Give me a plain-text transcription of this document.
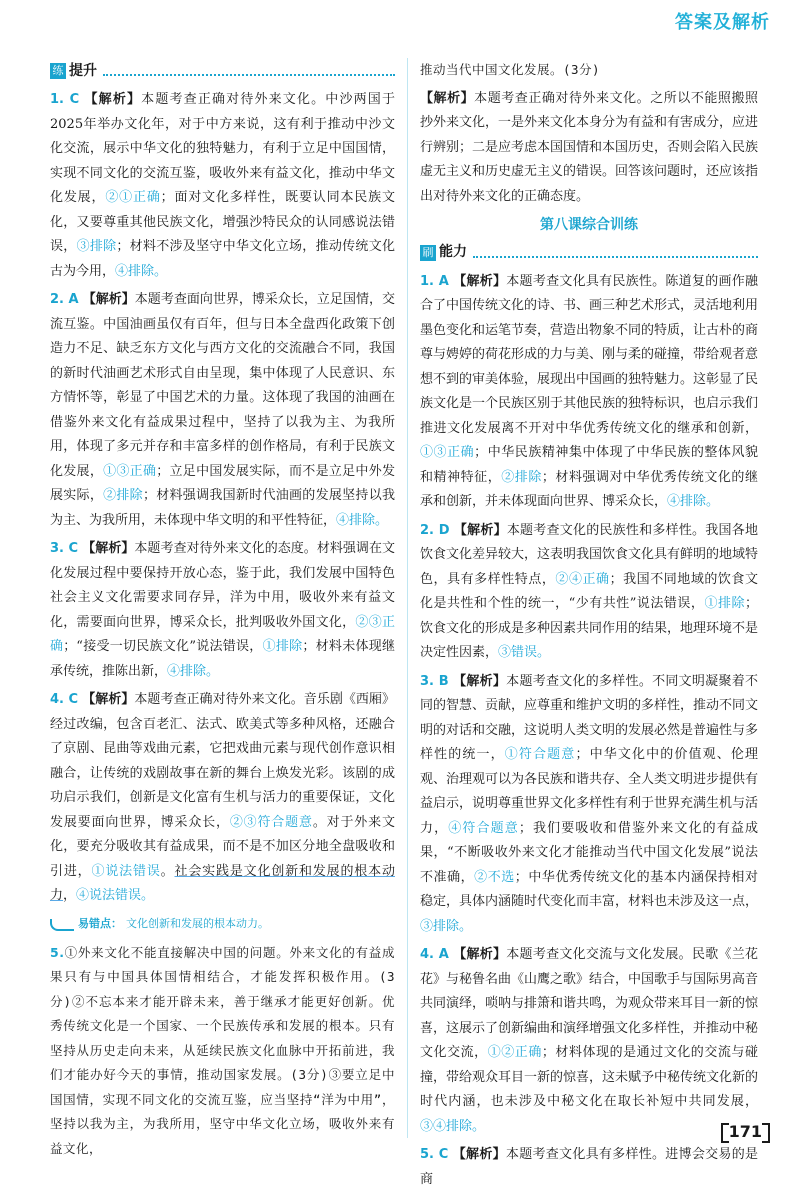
答案及解析
练 提升

1. C 【解析】本题考查正确对待外来文化。中沙两国于2025年举办文化年，对于中方来说，这有利于推动中沙文化交流，展示中华文化的独特魅力，有利于立足中国国情，实现不同文化的交流互鉴，吸收外来有益文化，推动中华文化发展，②①正确；面对文化多样性，既要认同本民族文化，又要尊重其他民族文化，增强沙特民众的认同感说法错误，③排除；材料不涉及坚守中华文化立场，推动传统文化古为今用，④排除。

2. A 【解析】本题考查面向世界，博采众长，立足国情，交流互鉴。中国油画虽仅有百年，但与日本全盘西化政策下创造力不足、缺乏东方文化与西方文化的交流融合不同，我国的新时代油画艺术形式自由呈现，集中体现了人民意识、东方情怀等，彰显了中国艺术的力量。这体现了我国的油画在借鉴外来文化有益成果过程中，坚持了以我为主、为我所用，体现了多元并存和丰富多样的创作格局，有利于民族文化发展，①③正确；立足中国发展实际，而不是立足中外发展实际，②排除；材料强调我国新时代油画的发展坚持以我为主、为我所用，未体现中华文明的和平性特征，④排除。

3. C 【解析】本题考查对待外来文化的态度。材料强调在文化发展过程中要保持开放心态，鉴于此，我们发展中国特色社会主义文化需要求同存异，洋为中用，吸收外来有益文化，需要面向世界，博采众长，批判吸收外国文化，②③正确；“接受一切民族文化”说法错误，①排除；材料未体现继承传统，推陈出新，④排除。

4. C 【解析】本题考查正确对待外来文化。音乐剧《西厢》经过改编，包含百老汇、法式、欧美式等多种风格，还融合了京剧、昆曲等戏曲元素，它把戏曲元素与现代创作意识相融合，让传统的戏剧故事在新的舞台上焕发光彩。该剧的成功启示我们，创新是文化富有生机与活力的重要保证，文化发展要面向世界，博采众长，②③符合题意。对于外来文化，要充分吸收其有益成果，而不是不加区分地全盘吸收和引进，①说法错误。社会实践是文化创新和发展的根本动力，④说法错误。

易错点： 文化创新和发展的根本动力。

5.①外来文化不能直接解决中国的问题。外来文化的有益成果只有与中国具体国情相结合，才能发挥积极作用。(3分)②不忘本来才能开辟未来，善于继承才能更好创新。优秀传统文化是一个国家、一个民族传承和发展的根本。只有坚持从历史走向未来，从延续民族文化血脉中开拓前进，我们才能办好今天的事情，推动国家发展。(3分)③要立足中国国情，实现不同文化的交流互鉴，应当坚持“洋为中用”，坚持以我为主，为我所用，坚守中华文化立场，吸收外来有益文化，

推动当代中国文化发展。(3分)

【解析】本题考查正确对待外来文化。之所以不能照搬照抄外来文化，一是外来文化本身分为有益和有害成分，应进行辨别；二是应考虑本国国情和本国历史，否则会陷入民族虚无主义和历史虚无主义的错误。回答该问题时，还应该指出对待外来文化的正确态度。

第八课综合训练
刷 能力

1. A 【解析】本题考查文化具有民族性。陈道复的画作融合了中国传统文化的诗、书、画三种艺术形式，灵活地利用墨色变化和运笔节奏，营造出物象不同的特质，让古朴的商尊与娉婷的荷花形成的力与美、刚与柔的碰撞，带给观者意想不到的审美体验，展现出中国画的独特魅力。这彰显了民族文化是一个民族区别于其他民族的独特标识，也启示我们推进文化发展离不开对中华优秀传统文化的继承和创新，①③正确；中华民族精神集中体现了中华民族的整体风貌和精神特征，②排除；材料强调对中华优秀传统文化的继承和创新，并未体现面向世界、博采众长，④排除。

2. D 【解析】本题考查文化的民族性和多样性。我国各地饮食文化差异较大，这表明我国饮食文化具有鲜明的地域特色，具有多样性特点，②④正确；我国不同地域的饮食文化是共性和个性的统一，“少有共性”说法错误，①排除；饮食文化的形成是多种因素共同作用的结果，地理环境不是决定性因素，③错误。

3. B 【解析】本题考查文化的多样性。不同文明凝聚着不同的智慧、贡献，应尊重和维护文明的多样性，推动不同文明的对话和交融，这说明人类文明的发展必然是普遍性与多样性的统一，①符合题意；中华文化中的价值观、伦理观、治理观可以为各民族和谐共存、全人类文明进步提供有益启示，说明尊重世界文化多样性有利于世界充满生机与活力，④符合题意；我们要吸收和借鉴外来文化的有益成果，“不断吸收外来文化才能推动当代中国文化发展”说法不准确，②不选；中华优秀传统文化的基本内涵保持相对稳定，具体内涵随时代变化而丰富，材料也未涉及这一点，③排除。

4. A 【解析】本题考查文化交流与文化发展。民歌《兰花花》与秘鲁名曲《山鹰之歌》结合，中国歌手与国际男高音共同演绎，唢呐与排箫和谐共鸣，为观众带来耳目一新的惊喜，这展示了创新编曲和演绎增强文化多样性，并推动中秘文化交流，①②正确；材料体现的是通过文化的交流与碰撞，带给观众耳目一新的惊喜，这未赋予中秘传统文化新的时代内涵，也未涉及中秘文化在取长补短中共同发展，③④排除。

5. C 【解析】本题考查文化具有多样性。进博会交易的是商

171
